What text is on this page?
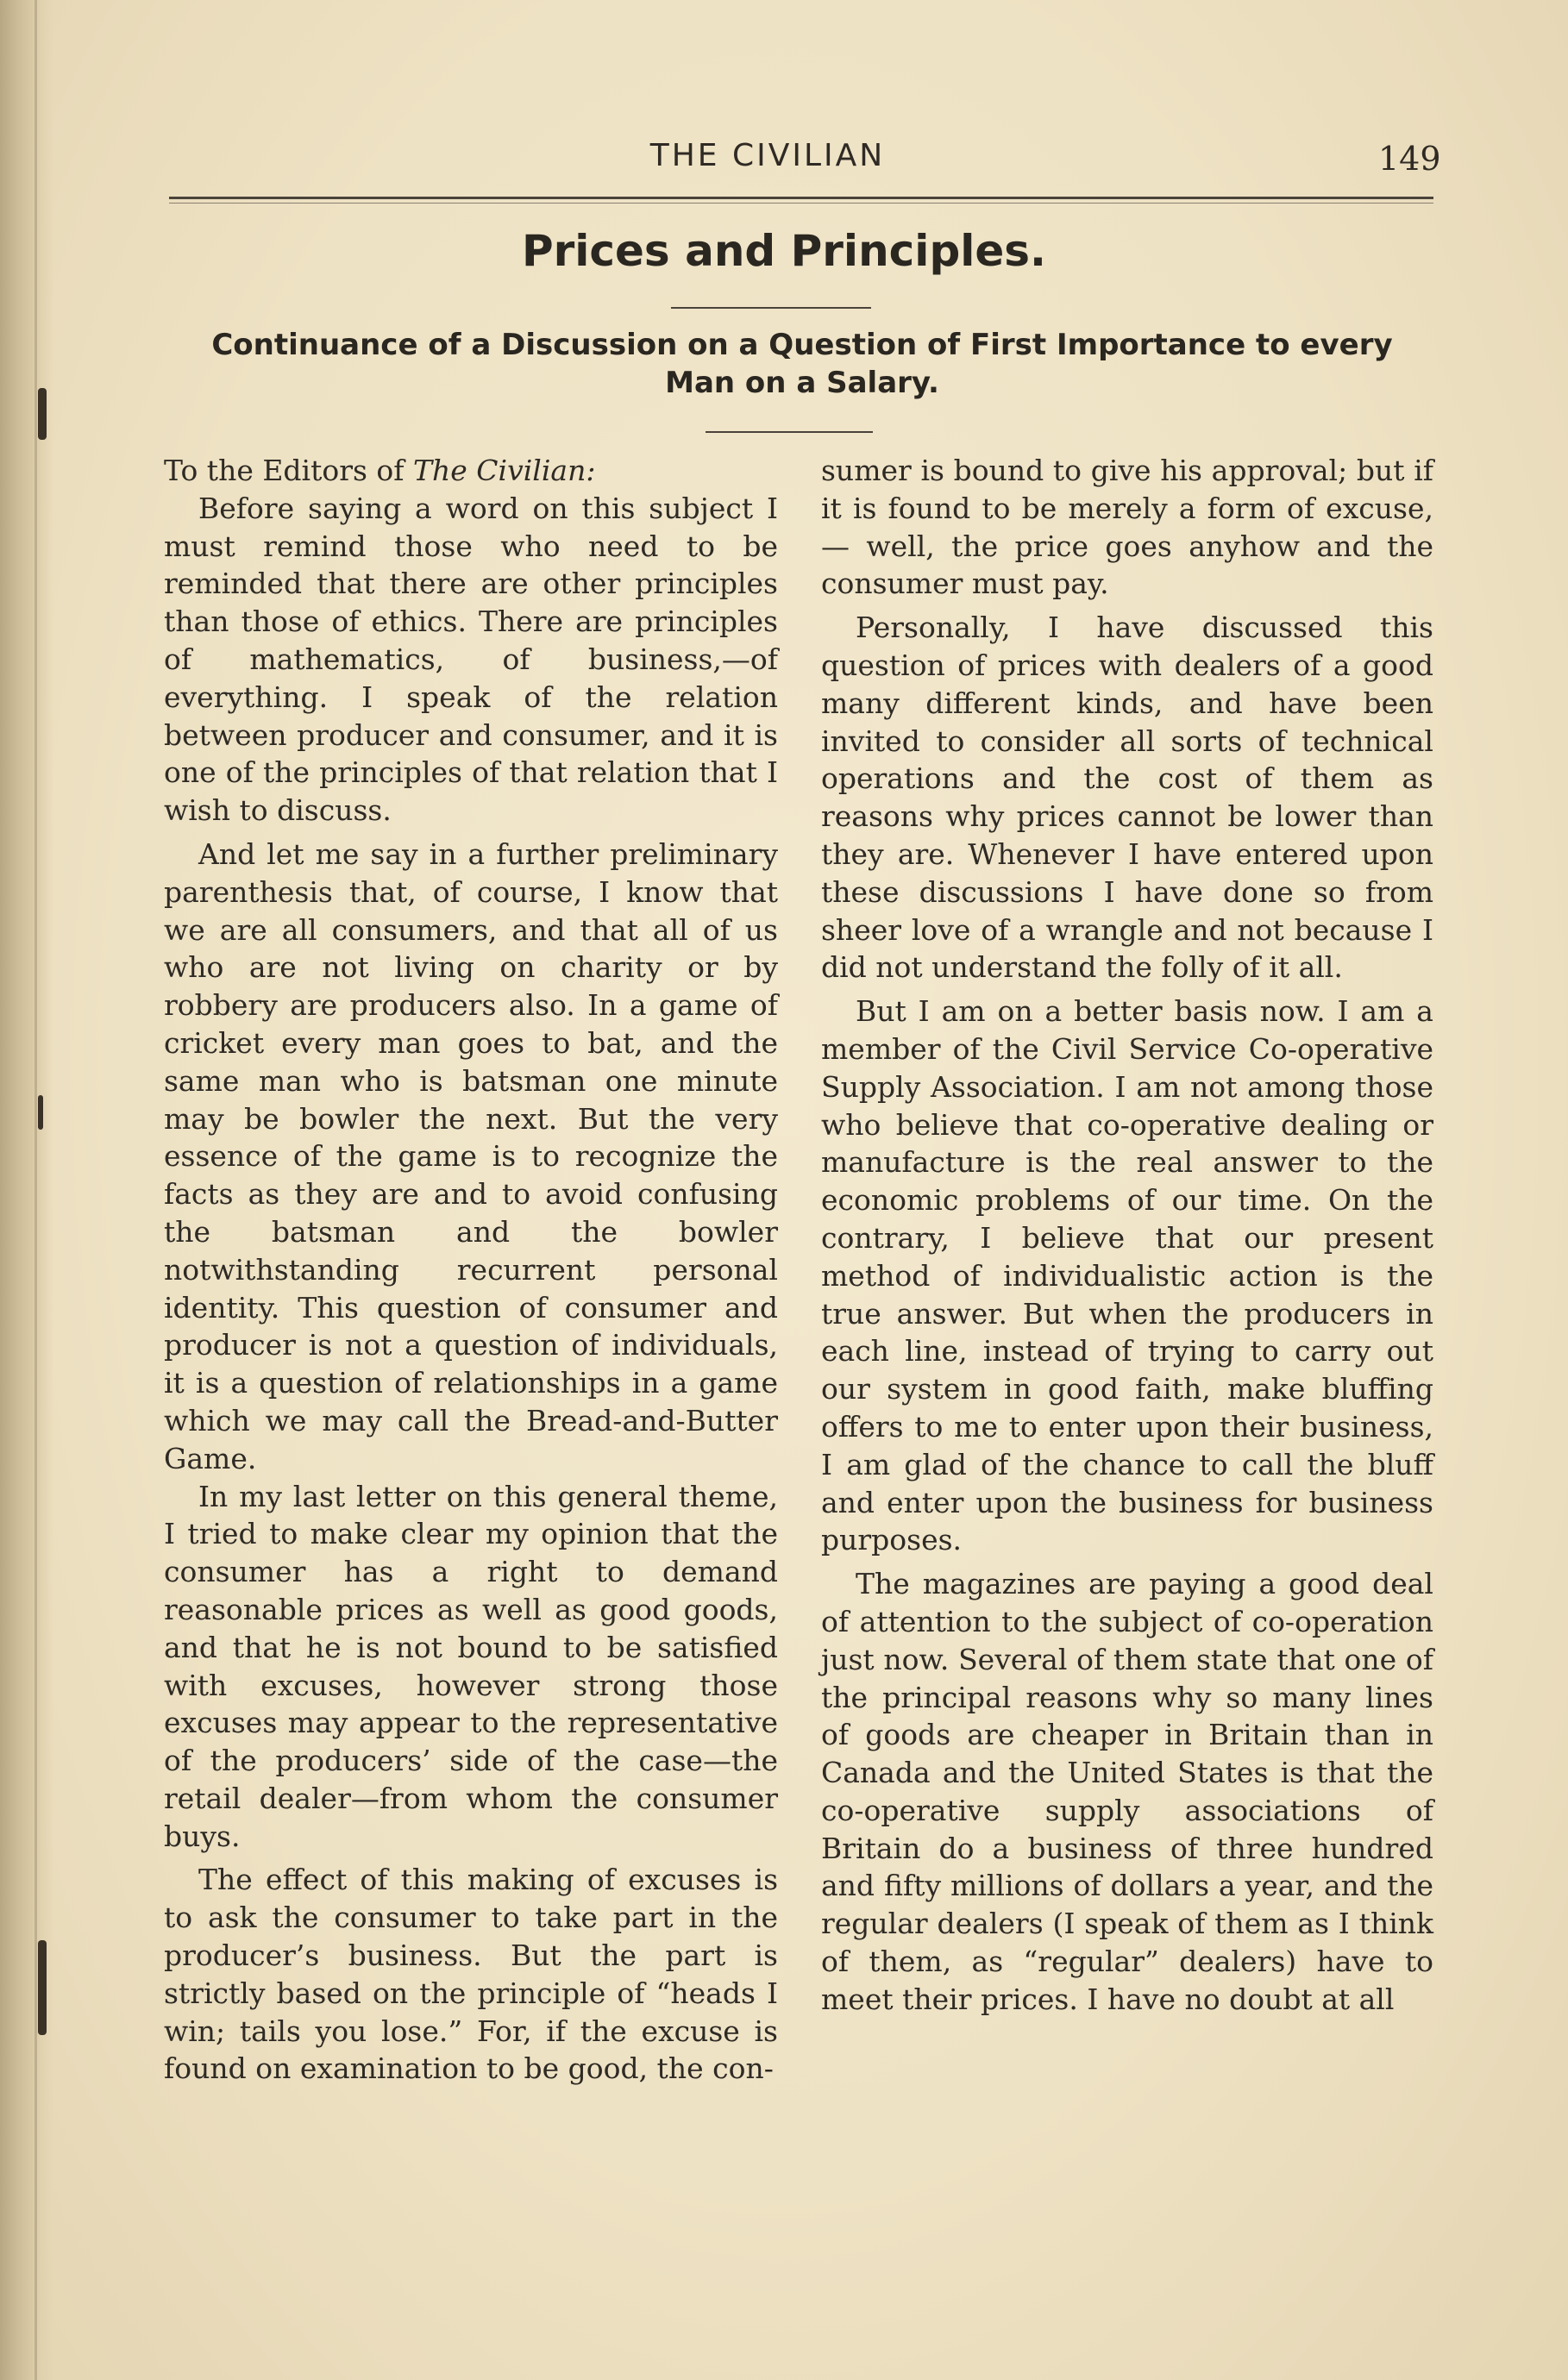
THE CIVILIAN	149
Prices and Principles.
Continuance of a Discussion on a Question of First Importance to every Man on a Salary.

To the Editors of The Civilian:

Before saying a word on this subject I must remind those who need to be reminded that there are other principles than those of ethics. There are principles of mathematics, of business,—of everything. I speak of the relation between producer and consumer, and it is one of the principles of that relation that I wish to discuss.

And let me say in a further preliminary parenthesis that, of course, I know that we are all consumers, and that all of us who are not living on charity or by robbery are producers also. In a game of cricket every man goes to bat, and the same man who is batsman one minute may be bowler the next. But the very essence of the game is to recognize the facts as they are and to avoid confusing the batsman and the bowler notwithstanding recurrent personal identity. This question of consumer and producer is not a question of individuals, it is a question of relationships in a game which we may call the Bread-and-Butter Game.

In my last letter on this general theme, I tried to make clear my opinion that the consumer has a right to demand reasonable prices as well as good goods, and that he is not bound to be satisfied with excuses, however strong those excuses may appear to the representative of the producers’ side of the case—the retail dealer—from whom the consumer buys.

The effect of this making of excuses is to ask the consumer to take part in the producer’s business. But the part is strictly based on the principle of “heads I win; tails you lose.” For, if the excuse is found on examination to be good, the con-

sumer is bound to give his approval; but if it is found to be merely a form of excuse, — well, the price goes anyhow and the consumer must pay.

Personally, I have discussed this question of prices with dealers of a good many different kinds, and have been invited to consider all sorts of technical operations and the cost of them as reasons why prices cannot be lower than they are. Whenever I have entered upon these discussions I have done so from sheer love of a wrangle and not because I did not understand the folly of it all.

But I am on a better basis now. I am a member of the Civil Service Co-operative Supply Association. I am not among those who believe that co-operative dealing or manufacture is the real answer to the economic problems of our time. On the contrary, I believe that our present method of individualistic action is the true answer. But when the producers in each line, instead of trying to carry out our system in good faith, make bluffing offers to me to enter upon their business, I am glad of the chance to call the bluff and enter upon the business for business purposes.

The magazines are paying a good deal of attention to the subject of co-operation just now. Several of them state that one of the principal reasons why so many lines of goods are cheaper in Britain than in Canada and the United States is that the co-operative supply associations of Britain do a business of three hundred and fifty millions of dollars a year, and the regular dealers (I speak of them as I think of them, as “regular” dealers) have to meet their prices. I have no doubt at all
